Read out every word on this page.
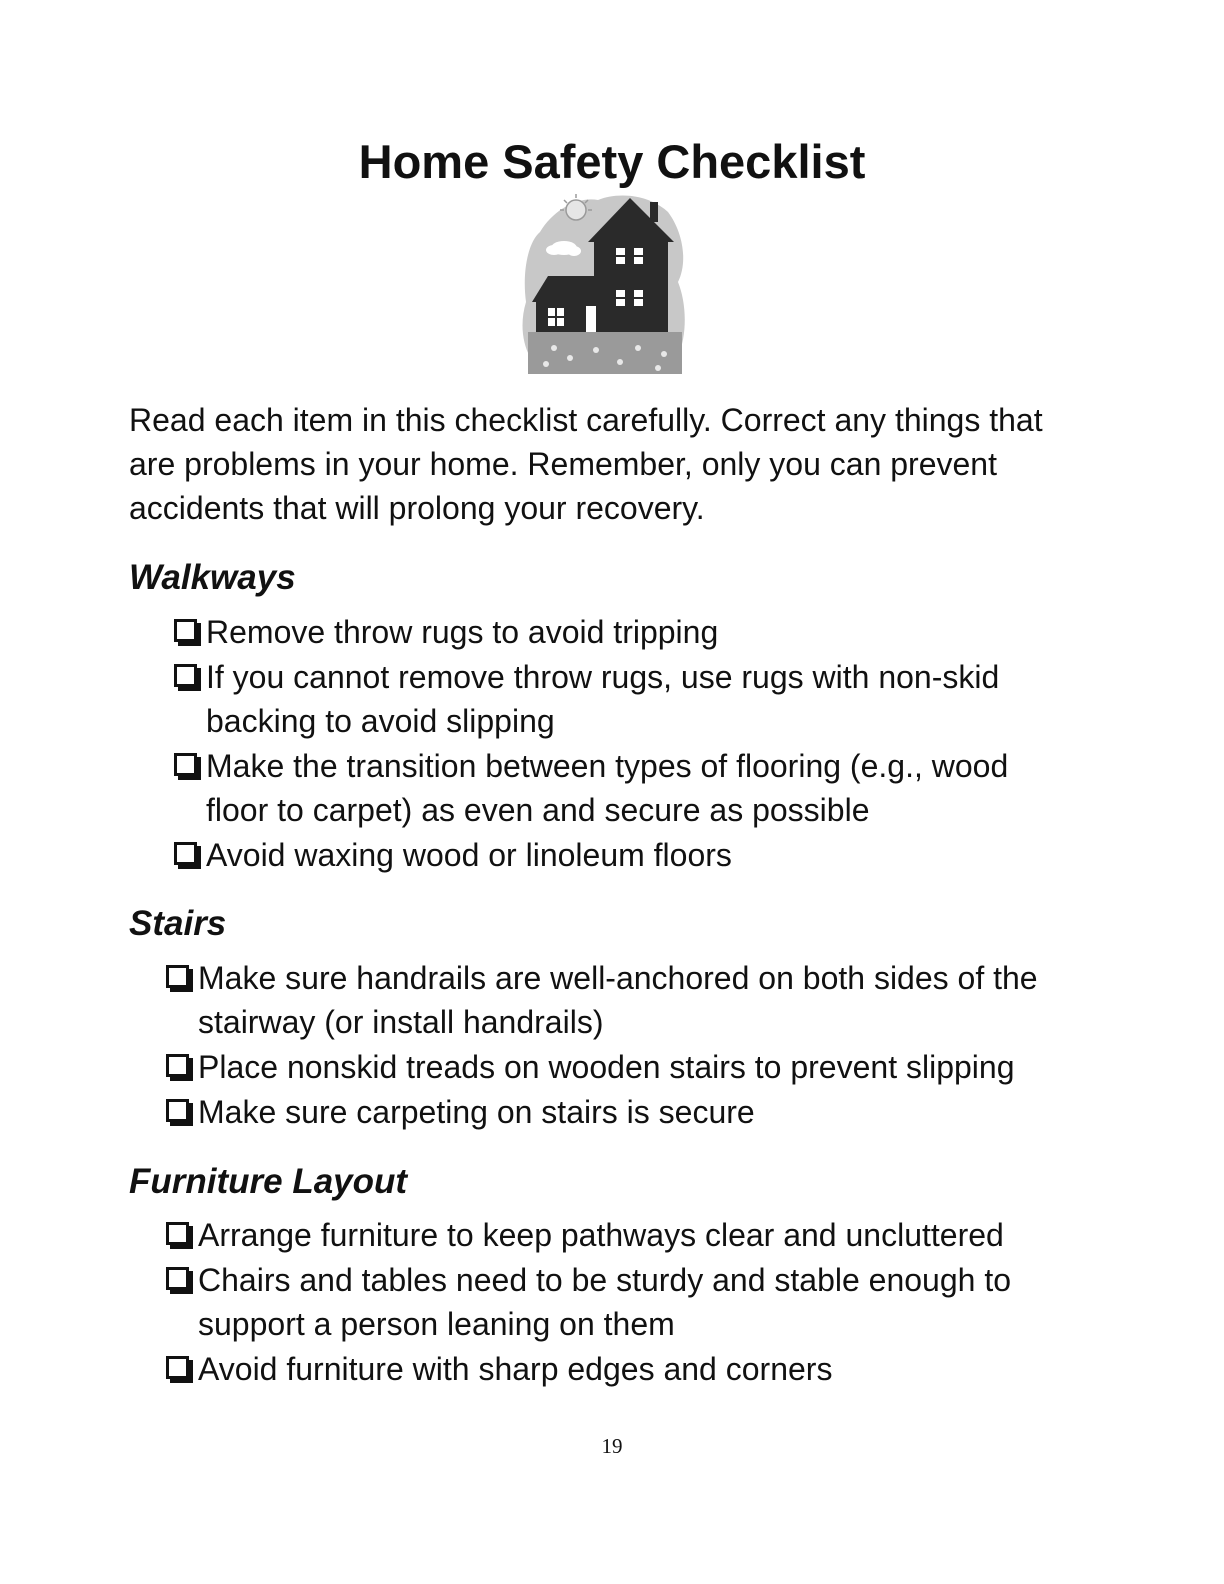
Home Safety Checklist

Read each item in this checklist carefully. Correct any things that are problems in your home. Remember, only you can prevent accidents that will prolong your recovery.

Walkways
Remove throw rugs to avoid tripping
If you cannot remove throw rugs, use rugs with non-skid backing to avoid slipping
Make the transition between types of flooring (e.g., wood floor to carpet) as even and secure as possible
Avoid waxing wood or linoleum floors
Stairs
Make sure handrails are well-anchored on both sides of the stairway (or install handrails)
Place nonskid treads on wooden stairs to prevent slipping
Make sure carpeting on stairs is secure
Furniture Layout
Arrange furniture to keep pathways clear and uncluttered
Chairs and tables need to be sturdy and stable enough to support a person leaning on them
Avoid furniture with sharp edges and corners
19
